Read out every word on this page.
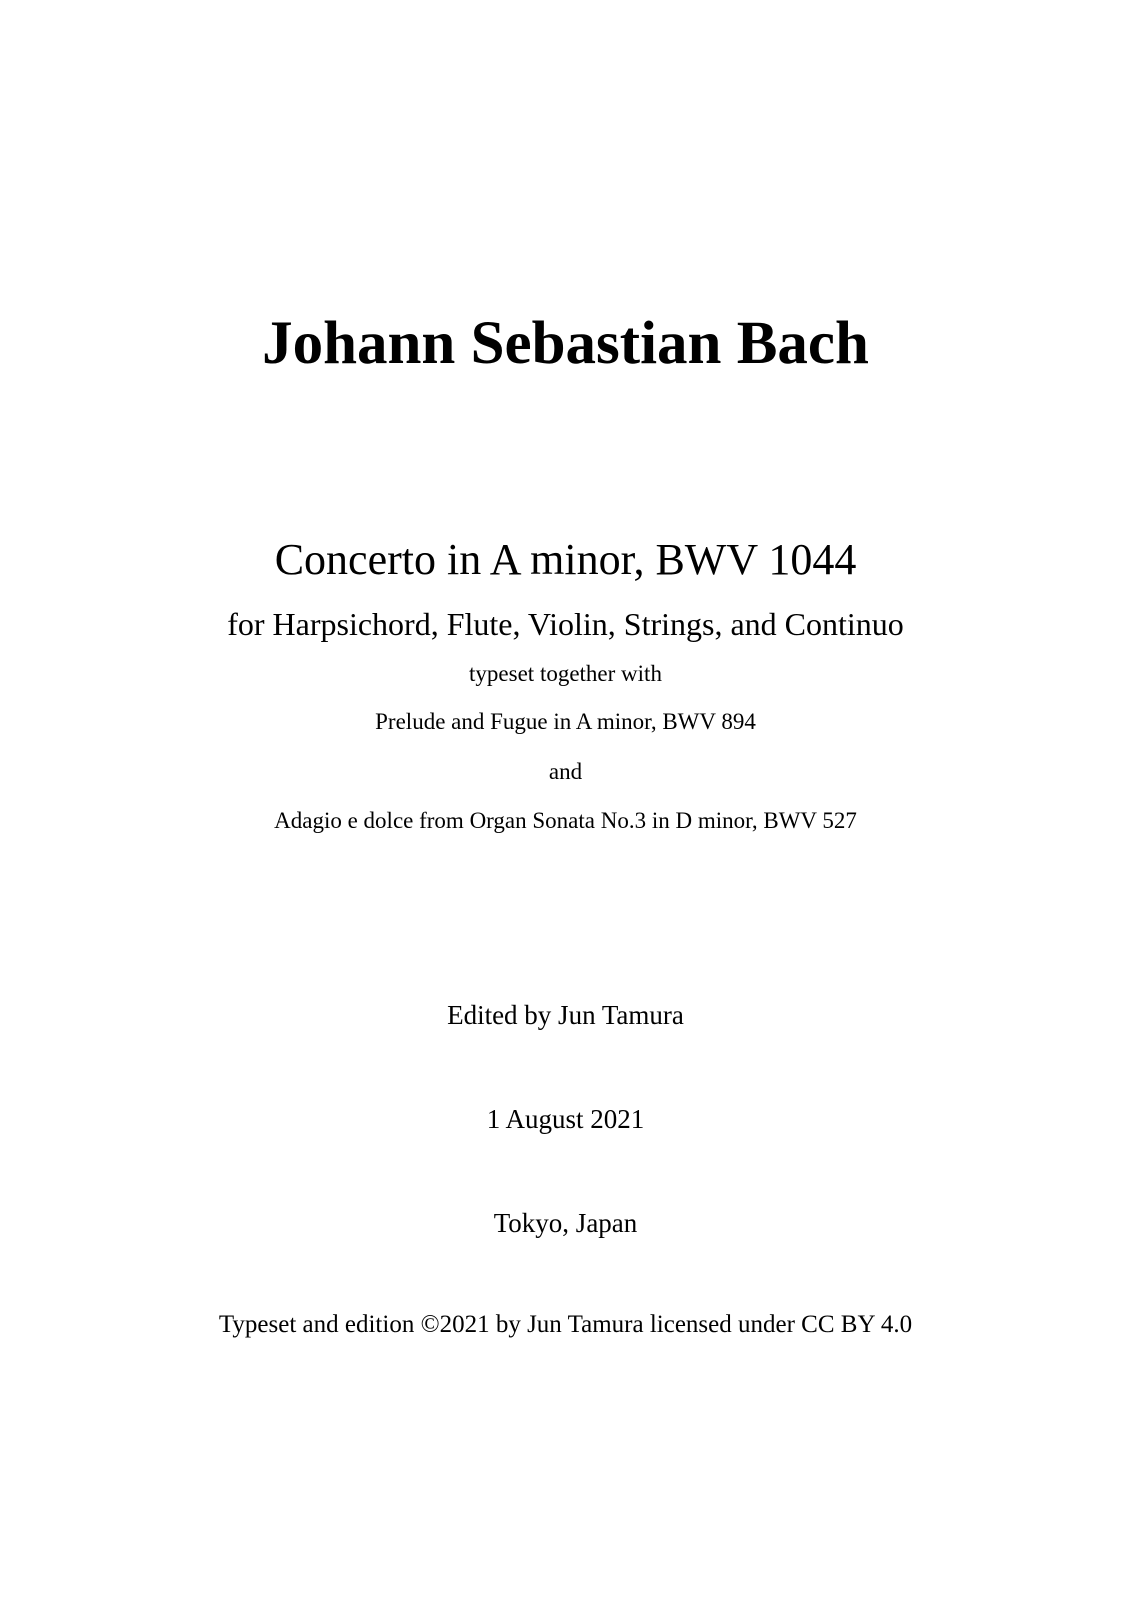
Johann Sebastian Bach
Concerto in A minor, BWV 1044
for Harpsichord, Flute, Violin, Strings, and Continuo
typeset together with
Prelude and Fugue in A minor, BWV 894
and
Adagio e dolce from Organ Sonata No.3 in D minor, BWV 527
Edited by Jun Tamura
1 August 2021
Tokyo, Japan
Typeset and edition ©2021 by Jun Tamura licensed under CC BY 4.0
